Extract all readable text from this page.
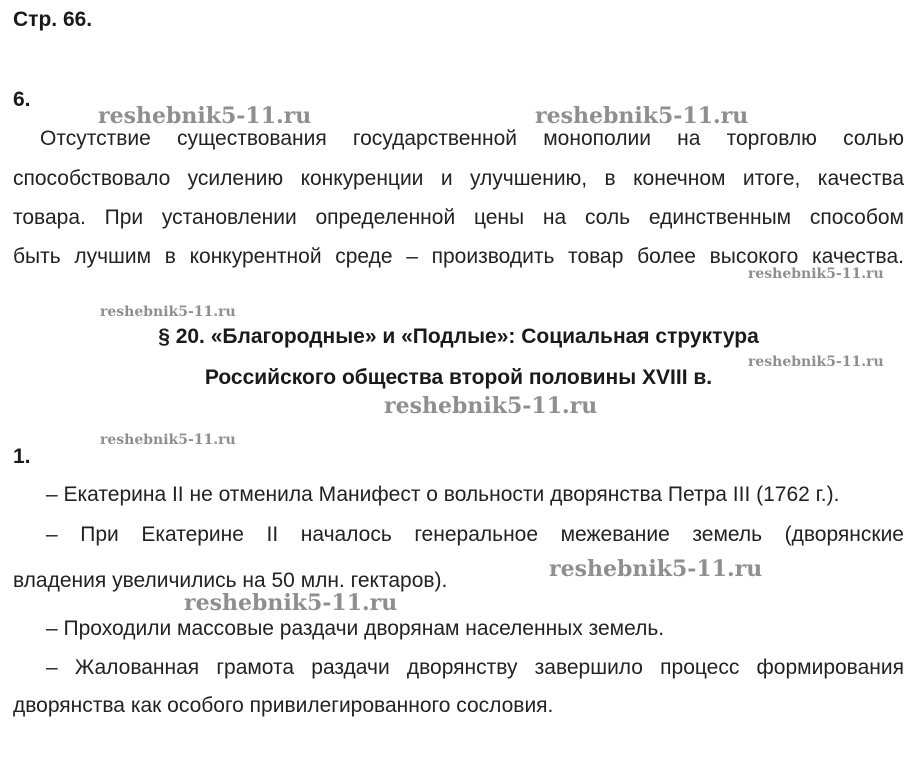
Стр. 66.
6.
Отсутствие существования государственной монополии на торговлю солью
способствовало усилению конкуренции и улучшению, в конечном итоге, качества
товара. При установлении определенной цены на соль единственным способом
быть лучшим в конкурентной среде – производить товар более высокого качества.
§ 20. «Благородные» и «Подлые»: Социальная структура
Российского общества второй половины XVIII в.
1.
– Екатерина II не отменила Манифест о вольности дворянства Петра III (1762 г.).
– При Екатерине II началось генеральное межевание земель (дворянские
владения увеличились на 50 млн. гектаров).
– Проходили массовые раздачи дворянам населенных земель.
– Жалованная грамота раздачи дворянству завершило процесс формирования
дворянства как особого привилегированного сословия.
reshebnik5-11.ru	reshebnik5-11.ru
reshebnik5-11.ru
reshebnik5-11.ru
reshebnik5-11.ru
reshebnik5-11.ru
reshebnik5-11.ru
reshebnik5-11.ru
reshebnik5-11.ru
